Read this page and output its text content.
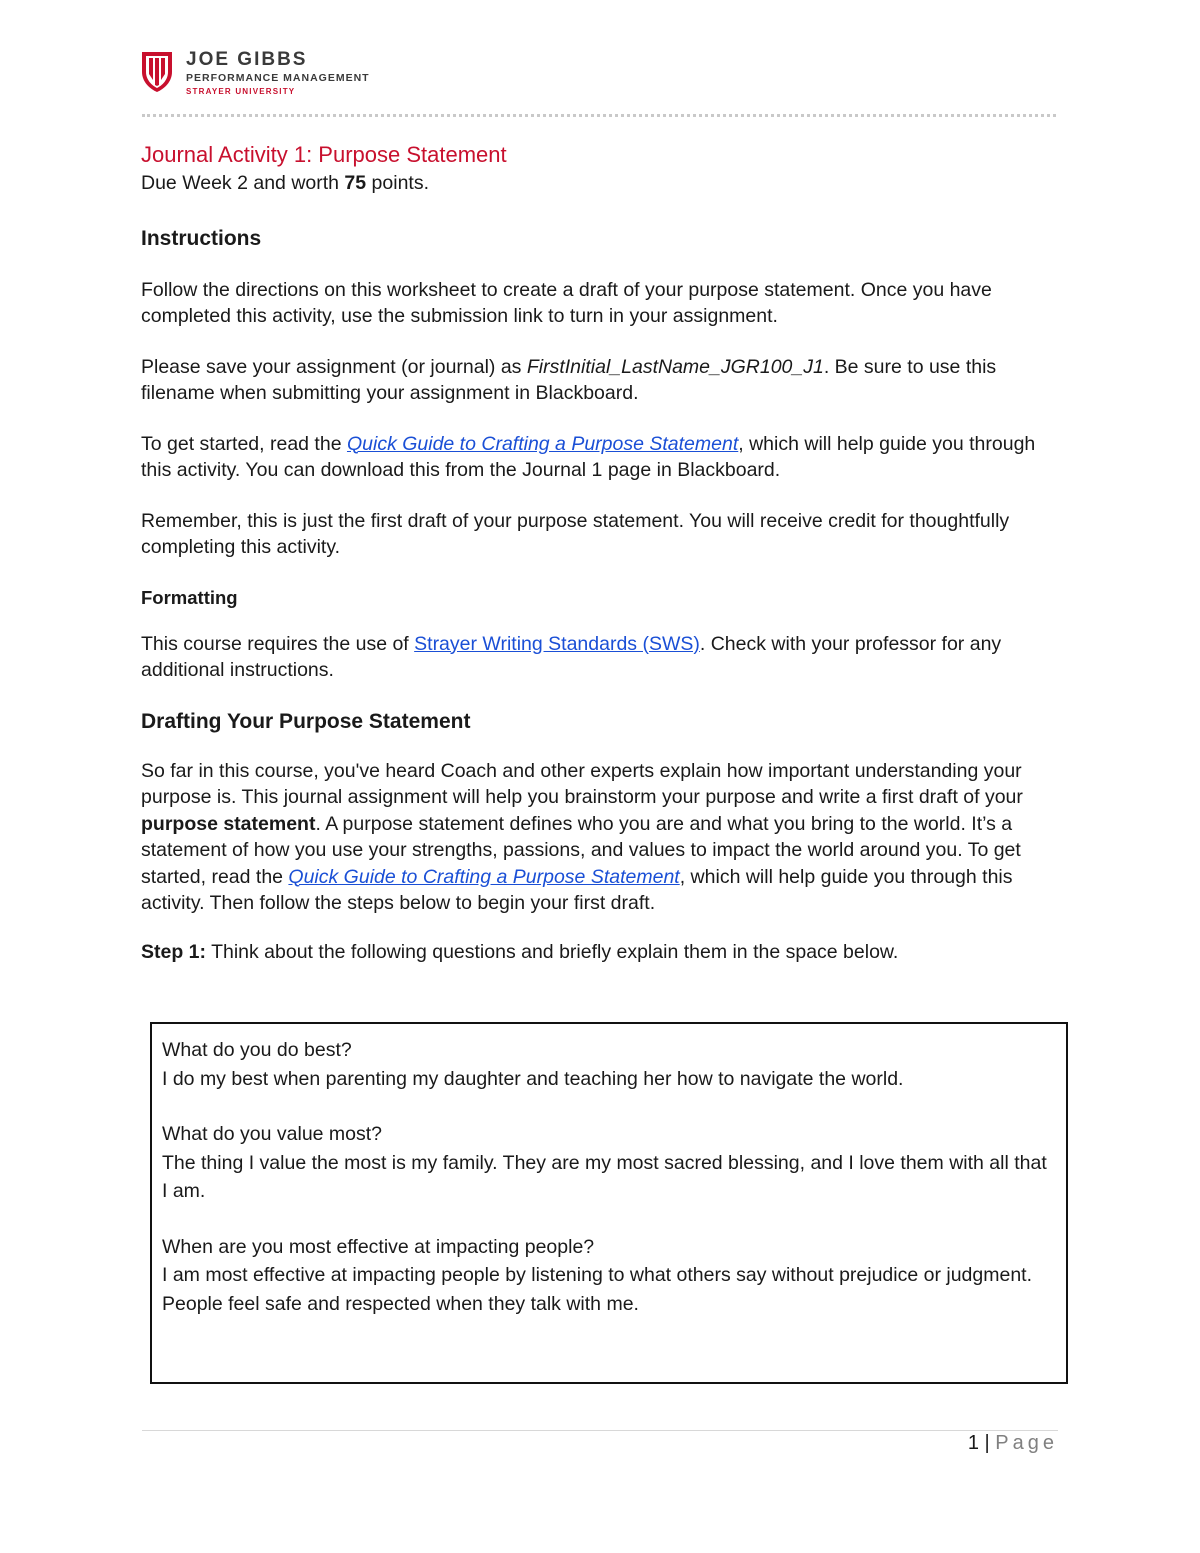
JOE GIBBS
PERFORMANCE MANAGEMENT
STRAYER UNIVERSITY

Journal Activity 1: Purpose Statement

Due Week 2 and worth 75 points.

Instructions

Follow the directions on this worksheet to create a draft of your purpose statement. Once you have completed this activity, use the submission link to turn in your assignment.

Please save your assignment (or journal) as FirstInitial_LastName_JGR100_J1. Be sure to use this filename when submitting your assignment in Blackboard.

To get started, read the Quick Guide to Crafting a Purpose Statement, which will help guide you through this activity. You can download this from the Journal 1 page in Blackboard.

Remember, this is just the first draft of your purpose statement. You will receive credit for thoughtfully completing this activity.

Formatting

This course requires the use of Strayer Writing Standards (SWS). Check with your professor for any additional instructions.

Drafting Your Purpose Statement

So far in this course, you've heard Coach and other experts explain how important understanding your purpose is. This journal assignment will help you brainstorm your purpose and write a first draft of your purpose statement. A purpose statement defines who you are and what you bring to the world. It’s a statement of how you use your strengths, passions, and values to impact the world around you. To get started, read the Quick Guide to Crafting a Purpose Statement, which will help guide you through this activity. Then follow the steps below to begin your first draft.

Step 1: Think about the following questions and briefly explain them in the space below.

What do you do best?
I do my best when parenting my daughter and teaching her how to navigate the world.
What do you value most?
The thing I value the most is my family. They are my most sacred blessing, and I love them with all that I am.
When are you most effective at impacting people?
I am most effective at impacting people by listening to what others say without prejudice or judgment. People feel safe and respected when they talk with me.
1 | Page
